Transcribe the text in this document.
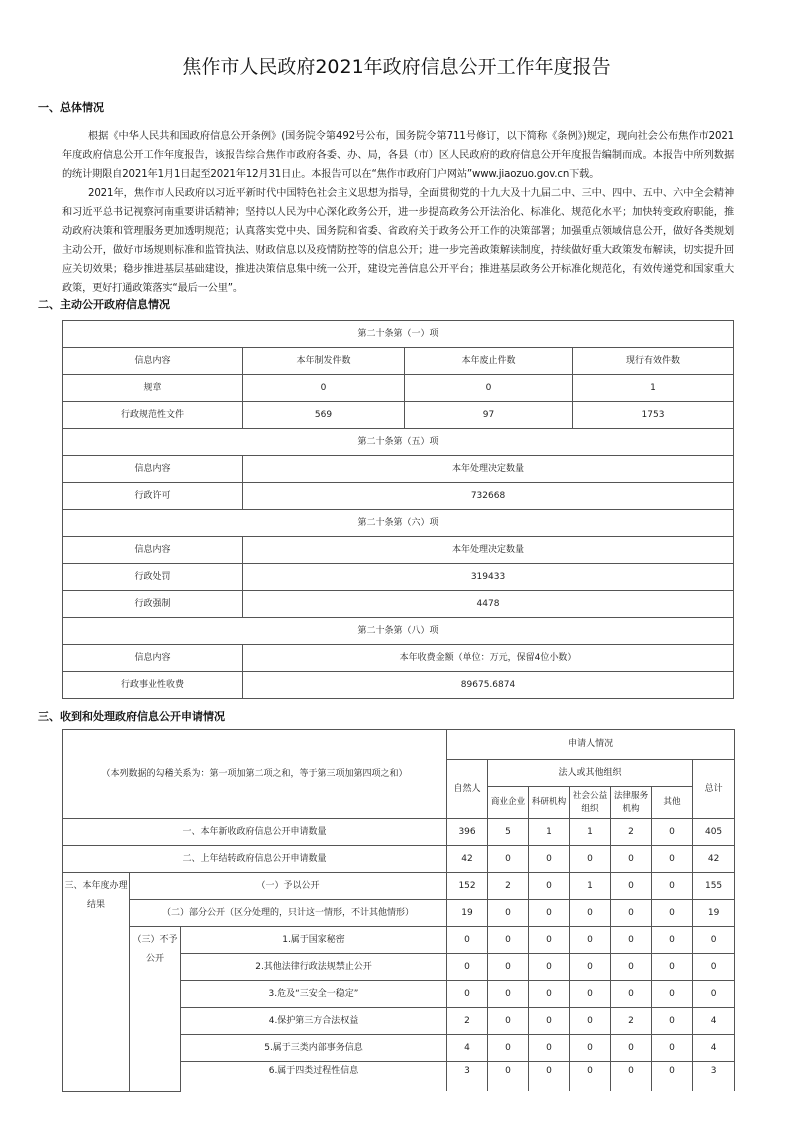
焦作市人民政府2021年政府信息公开工作年度报告
一、总体情况
根据《中华人民共和国政府信息公开条例》(国务院令第492号公布，国务院令第711号修订，以下简称《条例》)规定，现向社会公布焦作市2021年度政府信息公开工作年度报告，该报告综合焦作市政府各委、办、局，各县（市）区人民政府的政府信息公开年度报告编制而成。本报告中所列数据的统计期限自2021年1月1日起至2021年12月31日止。本报告可以在“焦作市政府门户网站”www.jiaozuo.gov.cn下载。
2021年，焦作市人民政府以习近平新时代中国特色社会主义思想为指导，全面贯彻党的十九大及十九届二中、三中、四中、五中、六中全会精神和习近平总书记视察河南重要讲话精神；坚持以人民为中心深化政务公开，进一步提高政务公开法治化、标准化、规范化水平；加快转变政府职能，推动政府决策和管理服务更加透明规范；认真落实党中央、国务院和省委、省政府关于政务公开工作的决策部署；加强重点领域信息公开，做好各类规划主动公开，做好市场规则标准和监管执法、财政信息以及疫情防控等的信息公开；进一步完善政策解读制度，持续做好重大政策发布解读，切实提升回应关切效果；稳步推进基层基础建设，推进决策信息集中统一公开，建设完善信息公开平台；推进基层政务公开标准化规范化，有效传递党和国家重大政策，更好打通政策落实“最后一公里”。
二、主动公开政府信息情况
第二十条第（一）项			
信息内容	本年制发件数	本年废止件数	现行有效件数
规章	0	0	1
行政规范性文件	569	97	1753
第二十条第（五）项			
信息内容	本年处理决定数量		
行政许可	732668		
第二十条第（六）项			
信息内容	本年处理决定数量		
行政处罚	319433		
行政强制	4478		
第二十条第（八）项			
信息内容	本年收费金额（单位：万元，保留4位小数）		
行政事业性收费	89675.6874		
三、收到和处理政府信息公开申请情况
（本列数据的勾稽关系为：第一项加第二项之和，等于第三项加第四项之和）			申请人情况						
			自然人	法人或其他组织					总计
				商业企业	科研机构	社会公益组织	法律服务机构	其他	
一、本年新收政府信息公开申请数量			396	5	1	1	2	0	405
二、上年结转政府信息公开申请数量			42	0	0	0	0	0	42
三、本年度办理结果	（一）予以公开		152	2	0	1	0	0	155
	（二）部分公开（区分处理的，只计这一情形，不计其他情形）		19	0	0	0	0	0	19
	（三）不予公开	1.属于国家秘密	0	0	0	0	0	0	0
		2.其他法律行政法规禁止公开	0	0	0	0	0	0	0
		3.危及“三安全一稳定”	0	0	0	0	0	0	0
		4.保护第三方合法权益	2	0	0	0	2	0	4
		5.属于三类内部事务信息	4	0	0	0	0	0	4
		6.属于四类过程性信息	3	0	0	0	0	0	3
